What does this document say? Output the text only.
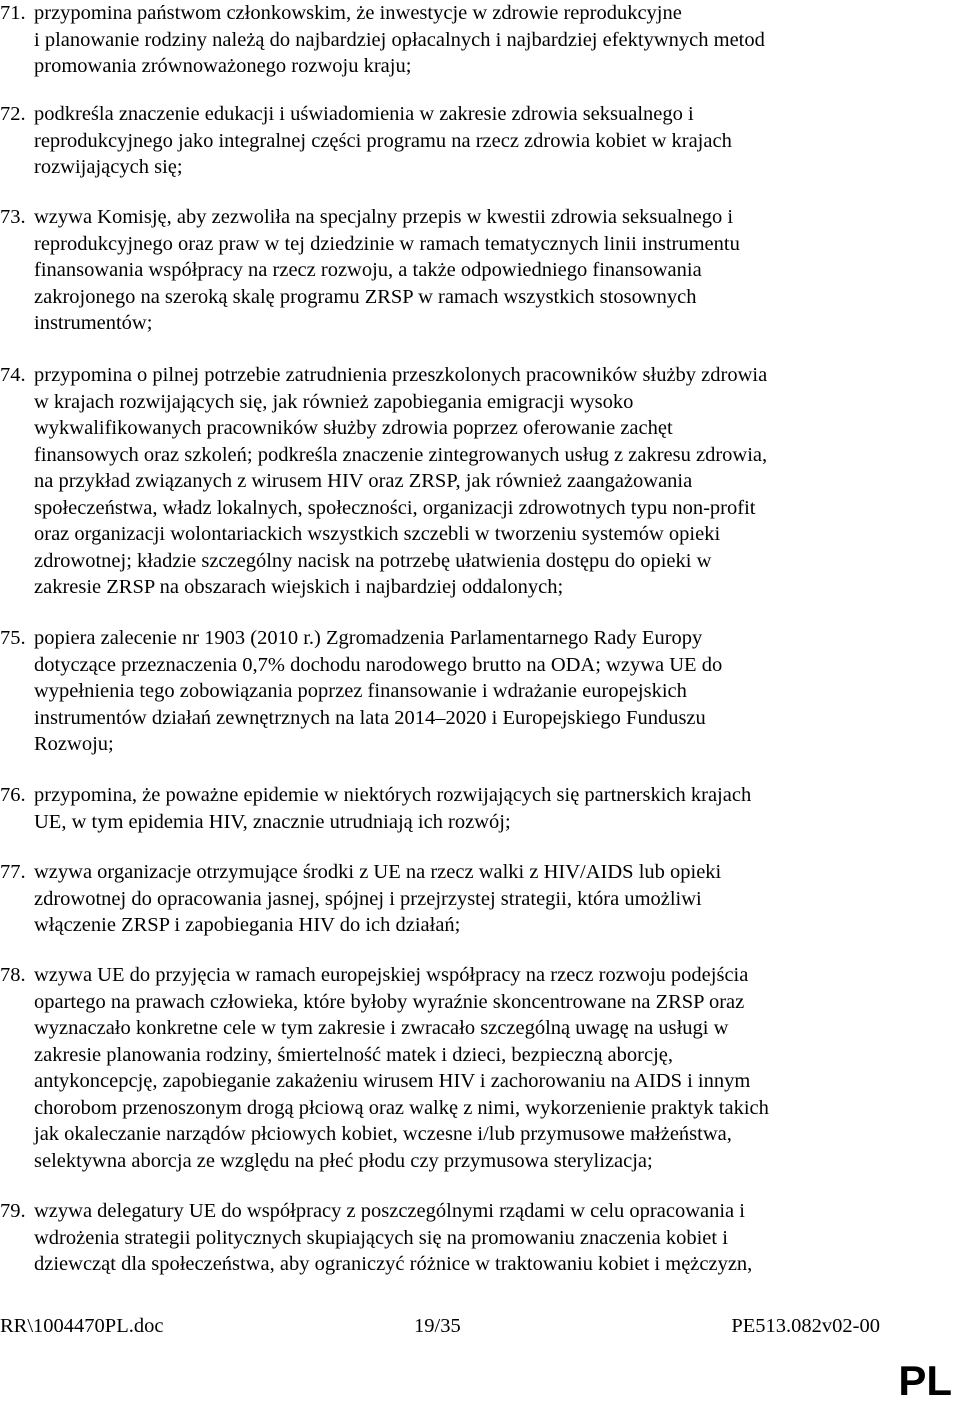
71. przypomina państwom członkowskim, że inwestycje w zdrowie reprodukcyjne
i planowanie rodziny należą do najbardziej opłacalnych i najbardziej efektywnych metod
promowania zrównoważonego rozwoju kraju;
72. podkreśla znaczenie edukacji i uświadomienia w zakresie zdrowia seksualnego i
reprodukcyjnego jako integralnej części programu na rzecz zdrowia kobiet w krajach
rozwijających się;
73. wzywa Komisję, aby zezwoliła na specjalny przepis w kwestii zdrowia seksualnego i
reprodukcyjnego oraz praw w tej dziedzinie w ramach tematycznych linii instrumentu
finansowania współpracy na rzecz rozwoju, a także odpowiedniego finansowania
zakrojonego na szeroką skalę programu ZRSP w ramach wszystkich stosownych
instrumentów;
74. przypomina o pilnej potrzebie zatrudnienia przeszkolonych pracowników służby zdrowia
w krajach rozwijających się, jak również zapobiegania emigracji wysoko
wykwalifikowanych pracowników służby zdrowia poprzez oferowanie zachęt
finansowych oraz szkoleń; podkreśla znaczenie zintegrowanych usług z zakresu zdrowia,
na przykład związanych z wirusem HIV oraz ZRSP, jak również zaangażowania
społeczeństwa, władz lokalnych, społeczności, organizacji zdrowotnych typu non-profit
oraz organizacji wolontariackich wszystkich szczebli w tworzeniu systemów opieki
zdrowotnej; kładzie szczególny nacisk na potrzebę ułatwienia dostępu do opieki w
zakresie ZRSP na obszarach wiejskich i najbardziej oddalonych;
75. popiera zalecenie nr 1903 (2010 r.) Zgromadzenia Parlamentarnego Rady Europy
dotyczące przeznaczenia 0,7% dochodu narodowego brutto na ODA; wzywa UE do
wypełnienia tego zobowiązania poprzez finansowanie i wdrażanie europejskich
instrumentów działań zewnętrznych na lata 2014–2020 i Europejskiego Funduszu
Rozwoju;
76. przypomina, że poważne epidemie w niektórych rozwijających się partnerskich krajach
UE, w tym epidemia HIV, znacznie utrudniają ich rozwój;
77. wzywa organizacje otrzymujące środki z UE na rzecz walki z HIV/AIDS lub opieki
zdrowotnej do opracowania jasnej, spójnej i przejrzystej strategii, która umożliwi
włączenie ZRSP i zapobiegania HIV do ich działań;
78. wzywa UE do przyjęcia w ramach europejskiej współpracy na rzecz rozwoju podejścia
opartego na prawach człowieka, które byłoby wyraźnie skoncentrowane na ZRSP oraz
wyznaczało konkretne cele w tym zakresie i zwracało szczególną uwagę na usługi w
zakresie planowania rodziny, śmiertelność matek i dzieci, bezpieczną aborcję,
antykoncepcję, zapobieganie zakażeniu wirusem HIV i zachorowaniu na AIDS i innym
chorobom przenoszonym drogą płciową oraz walkę z nimi, wykorzenienie praktyk takich
jak okaleczanie narządów płciowych kobiet, wczesne i/lub przymusowe małżeństwa,
selektywna aborcja ze względu na płeć płodu czy przymusowa sterylizacja;
79. wzywa delegatury UE do współpracy z poszczególnymi rządami w celu opracowania i
wdrożenia strategii politycznych skupiających się na promowaniu znaczenia kobiet i
dziewcząt dla społeczeństwa, aby ograniczyć różnice w traktowaniu kobiet i mężczyzn,
RR\1004470PL.doc	19/35	PE513.082v02-00
PL
